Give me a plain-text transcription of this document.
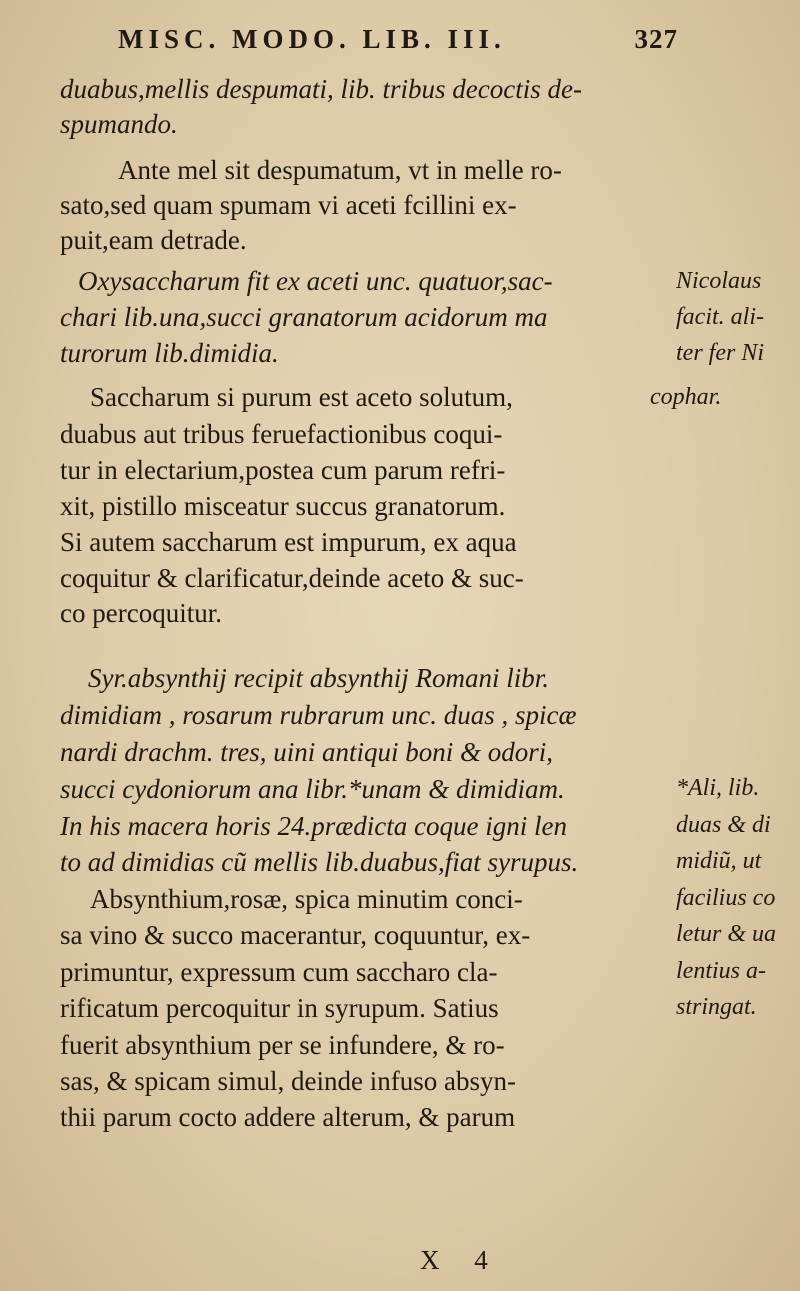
MISC. MODO. LIB. III.	327
duabus,mellis despumati, lib. tribus decoctis de-
spumando.
Ante mel sit despumatum, vt in melle ro-
sato,sed quam spumam vi aceti fcillini ex-
puit,eam detrade.
Oxysaccharum fit ex aceti unc. quatuor,sac-
chari lib.una,succi granatorum acidorum ma
turorum lib.dimidia.
Saccharum si purum est aceto solutum,
duabus aut tribus feruefactionibus coqui-
tur in electarium,postea cum parum refri-
xit, pistillo misceatur succus granatorum.
Si autem saccharum est impurum, ex aqua
coquitur & clarificatur,deinde aceto & suc-
co percoquitur.
Syr.absynthij recipit absynthij Romani libr.
dimidiam , rosarum rubrarum unc. duas , spicæ
nardi drachm. tres, uini antiqui boni & odori,
succi cydoniorum ana libr.*unam & dimidiam.
In his macera horis 24.prædicta coque igni len
to ad dimidias cũ mellis lib.duabus,fiat syrupus.
Absynthium,rosæ, spica minutim conci-
sa vino & succo macerantur, coquuntur, ex-
primuntur, expressum cum saccharo cla-
rificatum percoquitur in syrupum. Satius
fuerit absynthium per se infundere, & ro-
sas, & spicam simul, deinde infuso absyn-
thii parum cocto addere alterum, & parum
Nicolaus
facit. ali-
ter fer Ni
cophar.
*Ali, lib.
duas & di
midiũ, ut
facilius co
letur & ua
lentius a-
stringat.
X 4
